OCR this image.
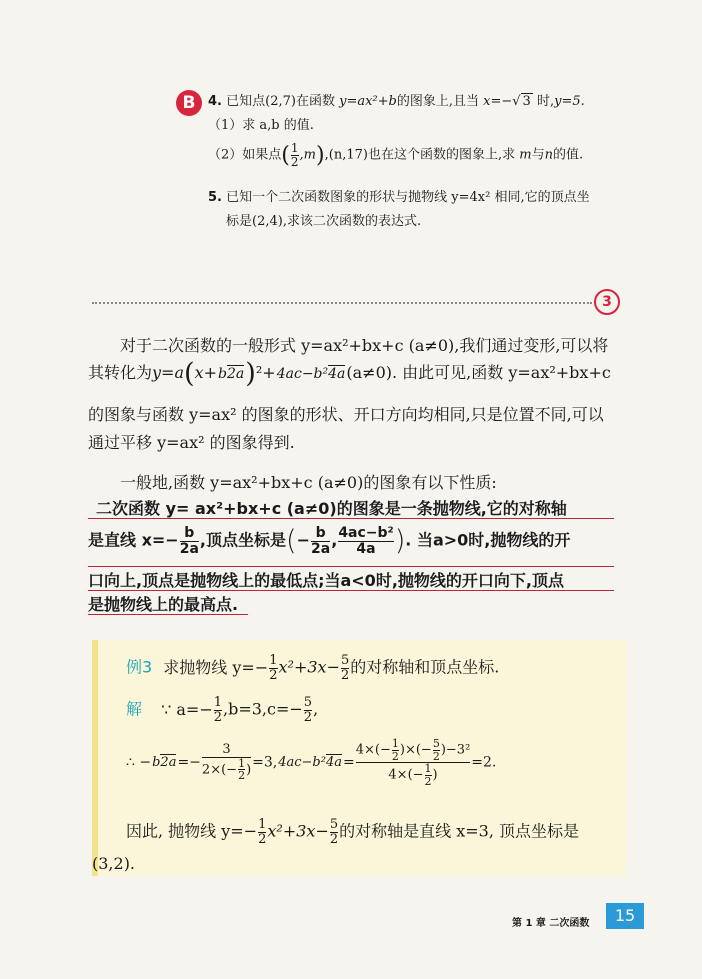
B 4. 已知点(2,7)在函数 y=ax²+b的图象上,且当 x=−√ 3 时,y=5.
（1）求 a,b 的值.
（2）如果点( $\frac{1}{2} ,m),(n,17)$也在这个函数的图象上,求 m与n的值.
5. 已知一个二次函数图象的形状与抛物线 y=4x² 相同,它的顶点坐
标是(2,4),求该二次函数的表达式.
3
对于二次函数的一般形式 y=ax²+bx+c (a≠0),我们通过变形,可以将
其转化为y=a(x+b2a)²+4ac−b²4a(a≠0). 由此可见,函数 y=ax²+bx+c
的图象与函数 y=ax² 的图象的形状、开口方向均相同,只是位置不同,可以
通过平移 y=ax² 的图象得到.
一般地,函数 y=ax²+bx+c (a≠0)的图象有以下性质:
二次函数 y= ax²+bx+c (a≠0)的图象是一条抛物线,它的对称轴
是直线 $x=- \frac{b}{2a}$ ,顶点坐标是(− $\frac{b}{2a}$ , $\frac{\text{4ac−b²}}{4a}$ ). 当a>0时,抛物线的开
口向上,顶点是抛物线上的最低点;当a<0时,抛物线的开口向下,顶点
是抛物线上的最高点.
例3 求抛物线 $y=- \frac{1}{2} x^2+3x- \frac{5}{2}$ 的对称轴和顶点坐标.
解 ∵ $a=- \frac{1}{2} ,b=3,c=- \frac{5}{2}$ ,
∴ $-b2a=- \frac{3}{2\times(- \frac{1}{2} )} =3,4ac-b^24a= \frac{4\times(- \frac{1}{2} )\times(- \frac{5}{2} )-3^2}{4\times(- \frac{1}{2} )} =2$.
因此, 抛物线 $y=- \frac{1}{2} x^2+3x- \frac{5}{2}$ 的对称轴是直线 x=3, 顶点坐标是
(3,2).
第 1 章 二次函数	15
